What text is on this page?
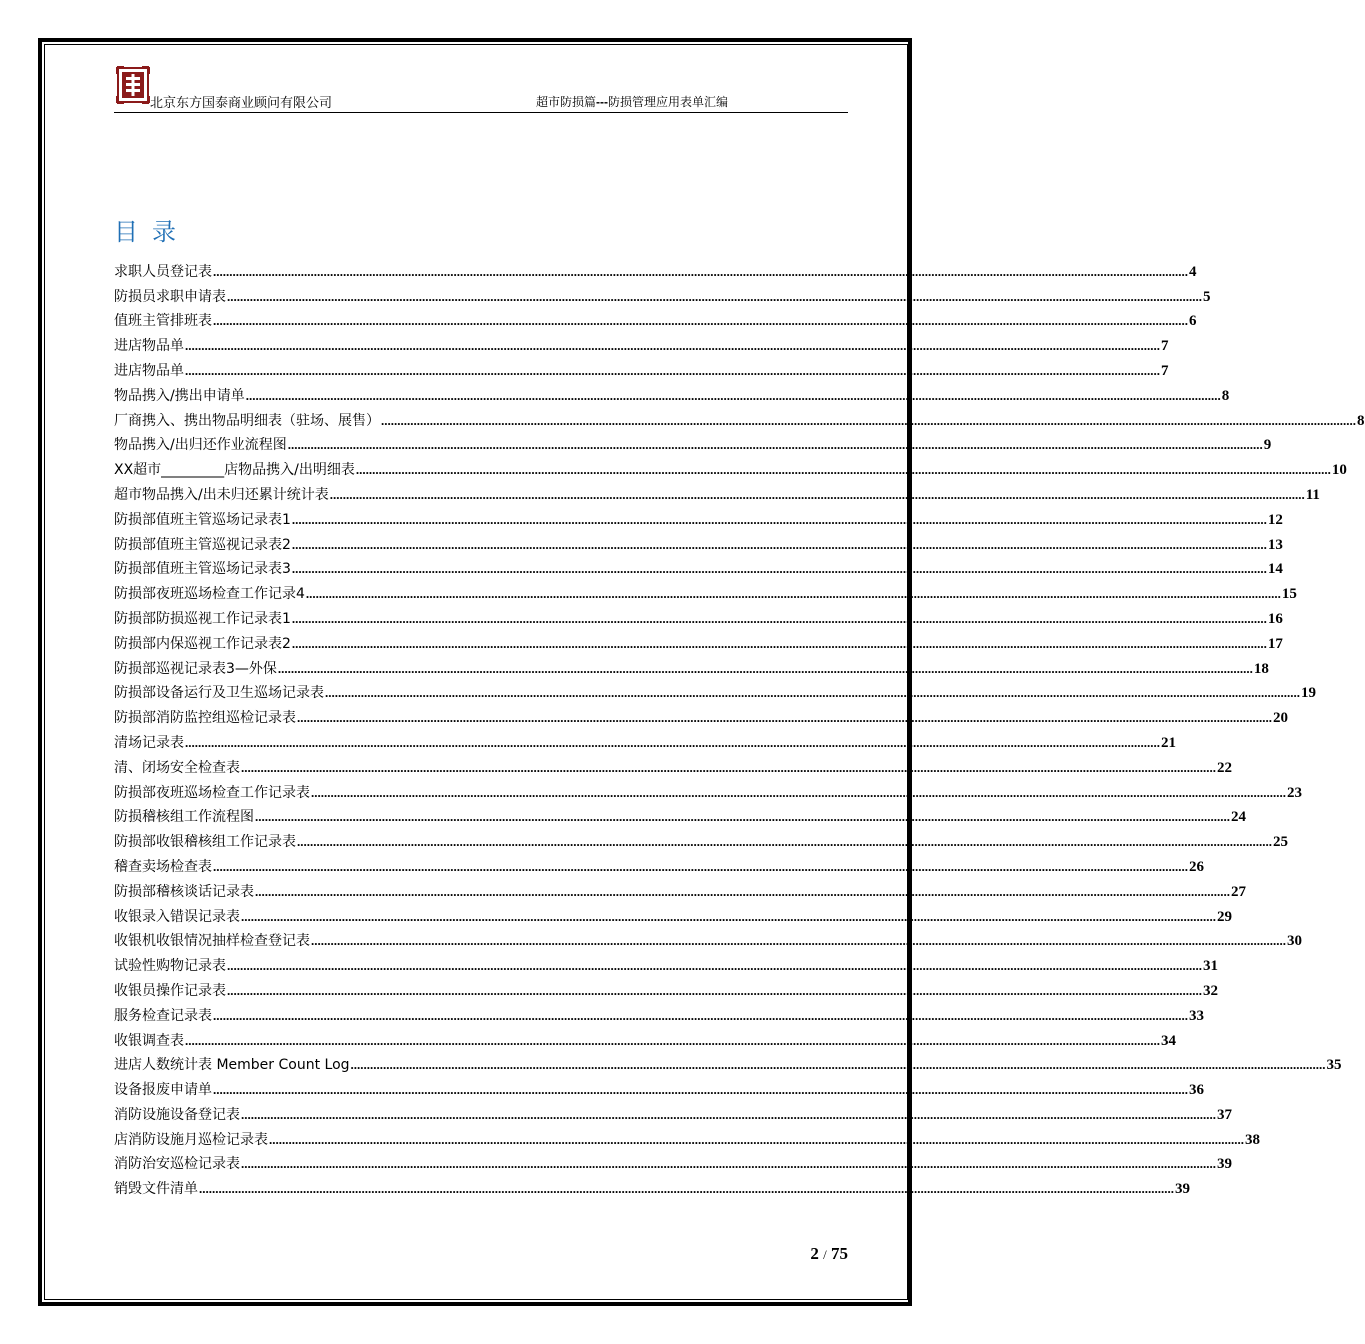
北京东方国泰商业顾问有限公司	超市防损篇---防损管理应用表单汇编
目录
求职人员登记表 ............................................................................................................................................................................................................................................................................................................ 4
防损员求职申请表 ............................................................................................................................................................................................................................................................................................................ 5
值班主管排班表 ............................................................................................................................................................................................................................................................................................................ 6
进店物品单 ............................................................................................................................................................................................................................................................................................................ 7
进店物品单 ............................................................................................................................................................................................................................................................................................................ 7
物品携入/携出申请单 ............................................................................................................................................................................................................................................................................................................ 8
厂商携入、携出物品明细表（驻场、展售） ............................................................................................................................................................................................................................................................................................................ 8
物品携入/出归还作业流程图 ............................................................................................................................................................................................................................................................................................................ 9
XX超市_________店物品携入/出明细表 ............................................................................................................................................................................................................................................................................................................ 10
超市物品携入/出未归还累计统计表 ............................................................................................................................................................................................................................................................................................................ 11
防损部值班主管巡场记录表1 ............................................................................................................................................................................................................................................................................................................ 12
防损部值班主管巡视记录表2 ............................................................................................................................................................................................................................................................................................................ 13
防损部值班主管巡场记录表3 ............................................................................................................................................................................................................................................................................................................ 14
防损部夜班巡场检查工作记录4 ............................................................................................................................................................................................................................................................................................................ 15
防损部防损巡视工作记录表1 ............................................................................................................................................................................................................................................................................................................ 16
防损部内保巡视工作记录表2 ............................................................................................................................................................................................................................................................................................................ 17
防损部巡视记录表3—外保 ............................................................................................................................................................................................................................................................................................................ 18
防损部设备运行及卫生巡场记录表 ............................................................................................................................................................................................................................................................................................................ 19
防损部消防监控组巡检记录表 ............................................................................................................................................................................................................................................................................................................ 20
清场记录表 ............................................................................................................................................................................................................................................................................................................ 21
清、闭场安全检查表 ............................................................................................................................................................................................................................................................................................................ 22
防损部夜班巡场检查工作记录表 ............................................................................................................................................................................................................................................................................................................ 23
防损稽核组工作流程图 ............................................................................................................................................................................................................................................................................................................ 24
防损部收银稽核组工作记录表 ............................................................................................................................................................................................................................................................................................................ 25
稽查卖场检查表 ............................................................................................................................................................................................................................................................................................................ 26
防损部稽核谈话记录表 ............................................................................................................................................................................................................................................................................................................ 27
收银录入错误记录表 ............................................................................................................................................................................................................................................................................................................ 29
收银机收银情况抽样检查登记表 ............................................................................................................................................................................................................................................................................................................ 30
试验性购物记录表 ............................................................................................................................................................................................................................................................................................................ 31
收银员操作记录表 ............................................................................................................................................................................................................................................................................................................ 32
服务检查记录表 ............................................................................................................................................................................................................................................................................................................ 33
收银调查表 ............................................................................................................................................................................................................................................................................................................ 34
进店人数统计表 Member Count Log ............................................................................................................................................................................................................................................................................................................ 35
设备报废申请单 ............................................................................................................................................................................................................................................................................................................ 36
消防设施设备登记表 ............................................................................................................................................................................................................................................................................................................ 37
店消防设施月巡检记录表 ............................................................................................................................................................................................................................................................................................................ 38
消防治安巡检记录表 ............................................................................................................................................................................................................................................................................................................ 39
销毁文件清单 ............................................................................................................................................................................................................................................................................................................ 39
2 / 75
